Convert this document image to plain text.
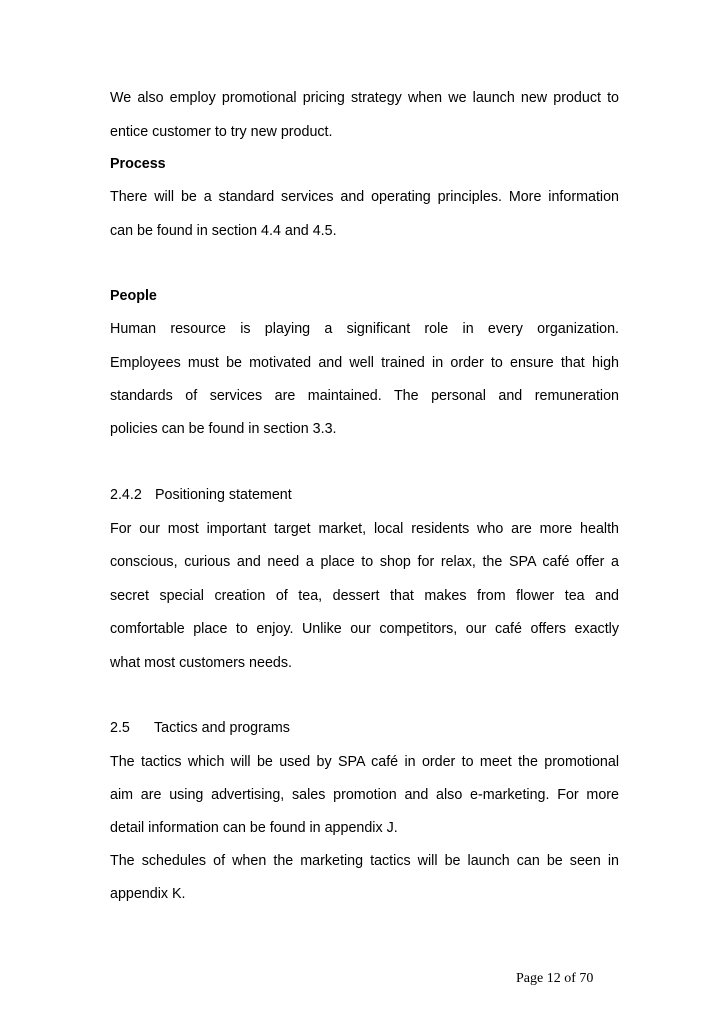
We also employ promotional pricing strategy when we launch new product to
entice customer to try new product.
Process
There will be a standard services and operating principles. More information
can be found in section 4.4 and 4.5.
People
Human resource is playing a significant role in every organization.
Employees must be motivated and well trained in order to ensure that high
standards of services are maintained. The personal and remuneration
policies can be found in section 3.3.
2.4.2 Positioning statement
For our most important target market, local residents who are more health
conscious, curious and need a place to shop for relax, the SPA café offer a
secret special creation of tea, dessert that makes from flower tea and
comfortable place to enjoy. Unlike our competitors, our café offers exactly
what most customers needs.
2.5 Tactics and programs
The tactics which will be used by SPA café in order to meet the promotional
aim are using advertising, sales promotion and also e-marketing. For more
detail information can be found in appendix J.
The schedules of when the marketing tactics will be launch can be seen in
appendix K.
Page 12 of 70
